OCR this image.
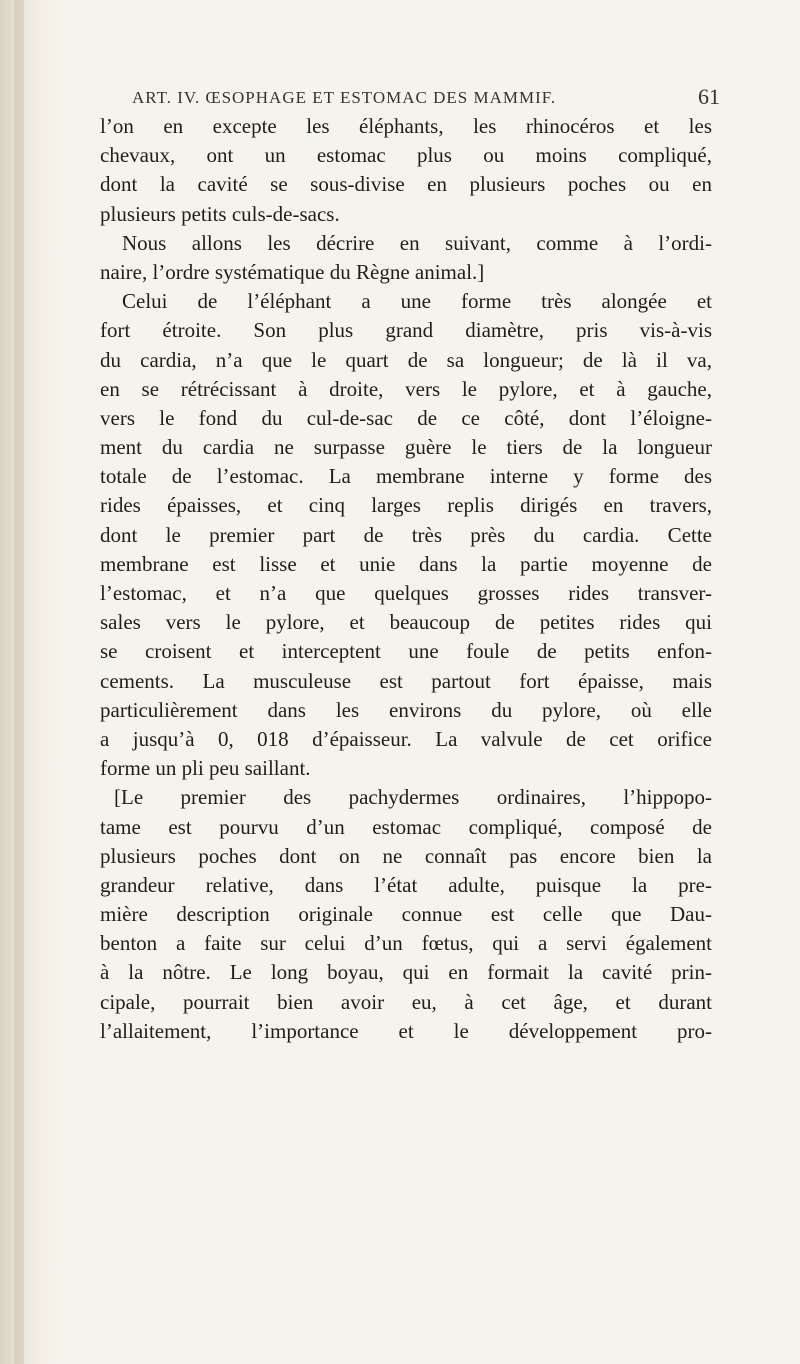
ART. IV. ŒSOPHAGE ET ESTOMAC DES MAMMIF.	61
l’on en excepte les éléphants, les rhinocéros et les
chevaux, ont un estomac plus ou moins compliqué,
dont la cavité se sous-divise en plusieurs poches ou en
plusieurs petits culs-de-sacs.
Nous allons les décrire en suivant, comme à l’ordi-
naire, l’ordre systématique du Règne animal.]
Celui de l’éléphant a une forme très alongée et
fort étroite. Son plus grand diamètre, pris vis-à-vis
du cardia, n’a que le quart de sa longueur; de là il va,
en se rétrécissant à droite, vers le pylore, et à gauche,
vers le fond du cul-de-sac de ce côté, dont l’éloigne-
ment du cardia ne surpasse guère le tiers de la longueur
totale de l’estomac. La membrane interne y forme des
rides épaisses, et cinq larges replis dirigés en travers,
dont le premier part de très près du cardia. Cette
membrane est lisse et unie dans la partie moyenne de
l’estomac, et n’a que quelques grosses rides transver-
sales vers le pylore, et beaucoup de petites rides qui
se croisent et interceptent une foule de petits enfon-
cements. La musculeuse est partout fort épaisse, mais
particulièrement dans les environs du pylore, où elle
a jusqu’à 0, 018 d’épaisseur. La valvule de cet orifice
forme un pli peu saillant.
[Le premier des pachydermes ordinaires, l’hippopo-
tame est pourvu d’un estomac compliqué, composé de
plusieurs poches dont on ne connaît pas encore bien la
grandeur relative, dans l’état adulte, puisque la pre-
mière description originale connue est celle que Dau-
benton a faite sur celui d’un fœtus, qui a servi également
à la nôtre. Le long boyau, qui en formait la cavité prin-
cipale, pourrait bien avoir eu, à cet âge, et durant
l’allaitement, l’importance et le développement pro-
